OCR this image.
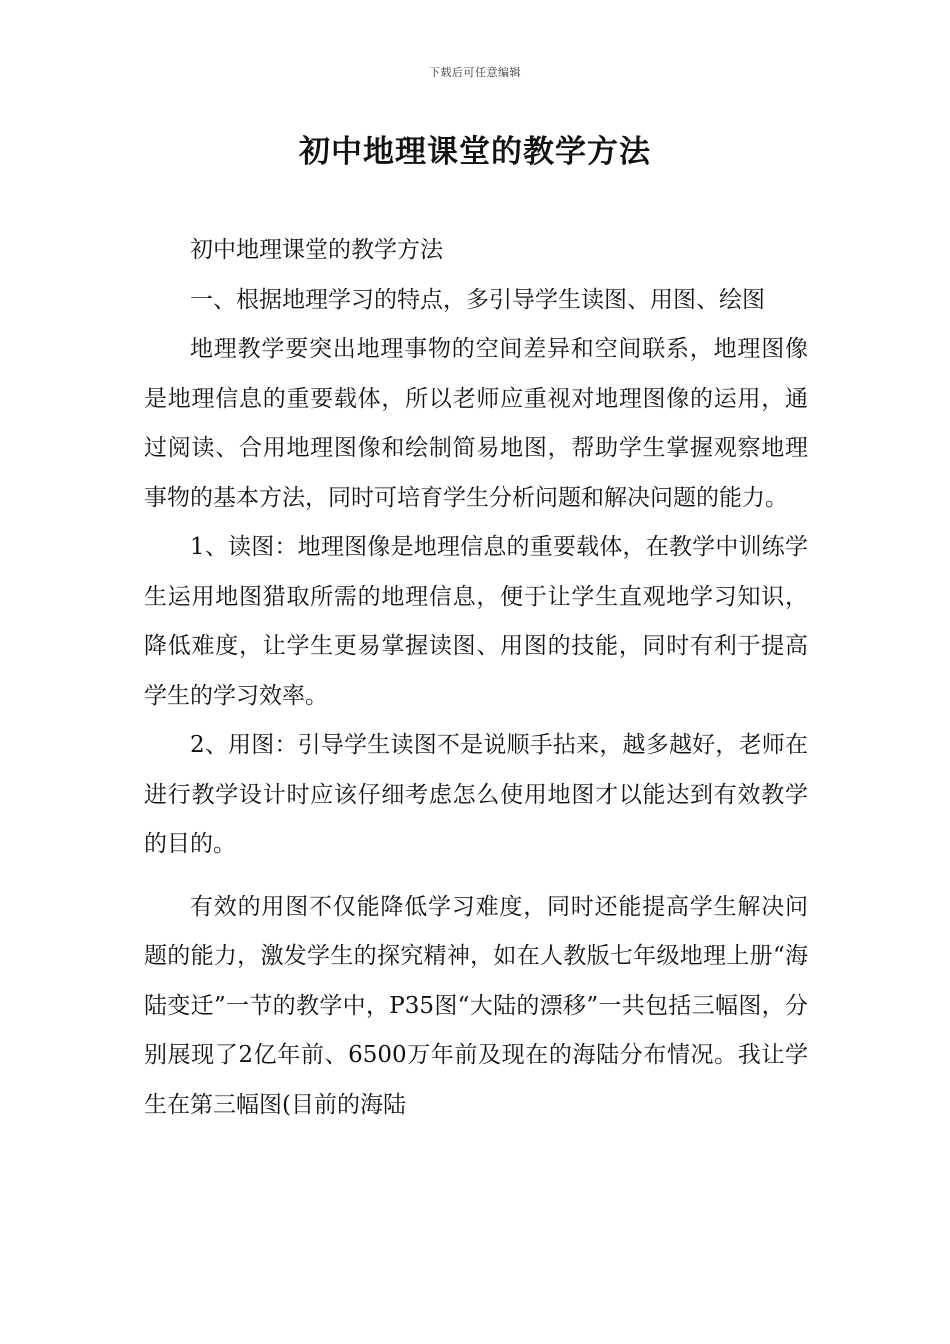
下载后可任意编辑
初中地理课堂的教学方法

初中地理课堂的教学方法

一、根据地理学习的特点，多引导学生读图、用图、绘图

地理教学要突出地理事物的空间差异和空间联系，地理图像是地理信息的重要载体，所以老师应重视对地理图像的运用，通过阅读、合用地理图像和绘制简易地图，帮助学生掌握观察地理事物的基本方法，同时可培育学生分析问题和解决问题的能力。

1、读图：地理图像是地理信息的重要载体，在教学中训练学生运用地图猎取所需的地理信息，便于让学生直观地学习知识，降低难度，让学生更易掌握读图、用图的技能，同时有利于提高学生的学习效率。

2、用图：引导学生读图不是说顺手拈来，越多越好，老师在进行教学设计时应该仔细考虑怎么使用地图才以能达到有效教学的目的。

有效的用图不仅能降低学习难度，同时还能提高学生解决问题的能力，激发学生的探究精神，如在人教版七年级地理上册“海陆变迁”一节的教学中，P35图“大陆的漂移”一共包括三幅图，分别展现了2亿年前、6500万年前及现在的海陆分布情况。我让学生在第三幅图(目前的海陆
